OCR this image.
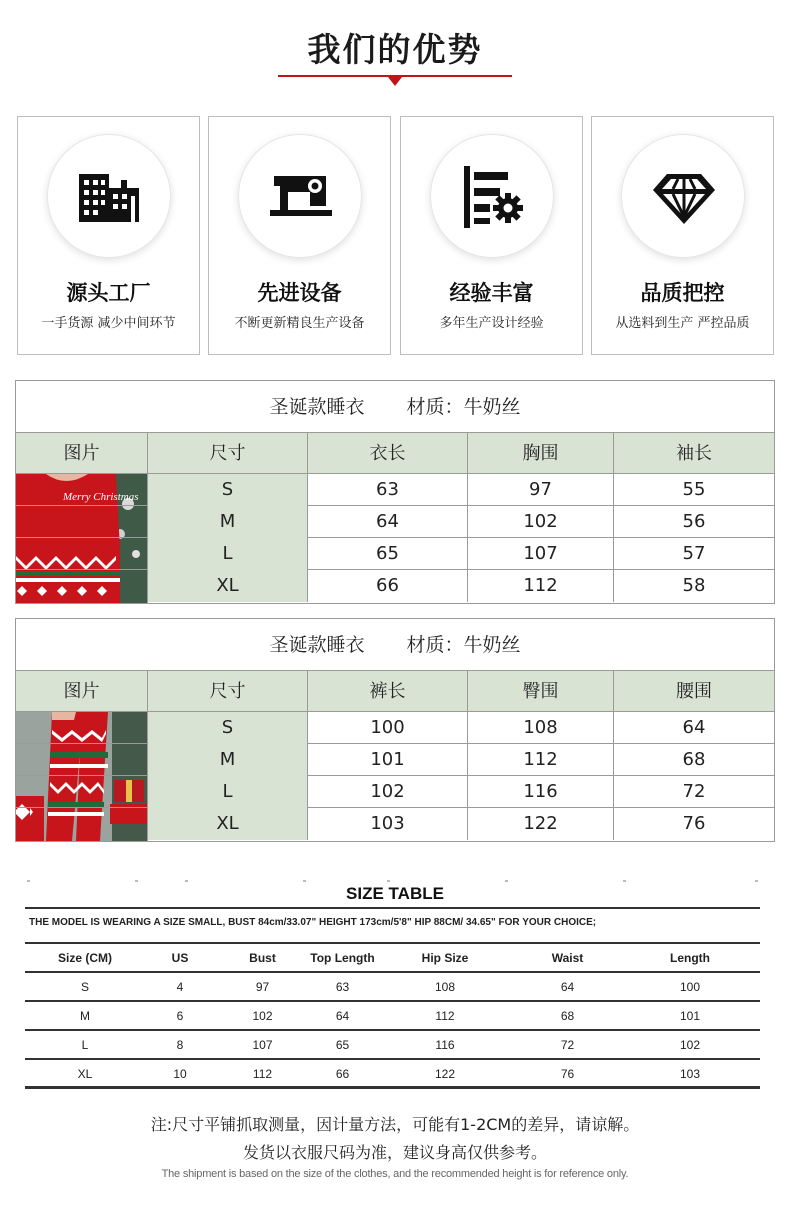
我们的优势
源头工厂
一手货源 减少中间环节
先进设备
不断更新精良生产设备
经验丰富
多年生产设计经验
品质把控
从选料到生产 严控品质
圣诞款睡衣 材质：牛奶丝
图片	尺寸	衣长	胸围	袖长
Merry Christmas	S	63	97	55
M	64	102	56
L	65	107	57
XL	66	112	58
圣诞款睡衣 材质：牛奶丝
图片	尺寸	裤长	臀围	腰围
S	100	108	64
M	101	112	68
L	102	116	72
XL	103	122	76
SIZE TABLE
THE MODEL IS WEARING A SIZE SMALL, BUST 84cm/33.07" HEIGHT 173cm/5'8" HIP 88CM/ 34.65" FOR YOUR CHOICE;
Size (CM)	US	Bust	Top Length	Hip Size	Waist	Length
S	4	97	63	108	64	100
M	6	102	64	112	68	101
L	8	107	65	116	72	102
XL	10	112	66	122	76	103
注:尺寸平铺抓取测量，因计量方法，可能有1-2CM的差异，请谅解。
发货以衣服尺码为准，建议身高仅供参考。
The shipment is based on the size of the clothes, and the recommended height is for reference only.
